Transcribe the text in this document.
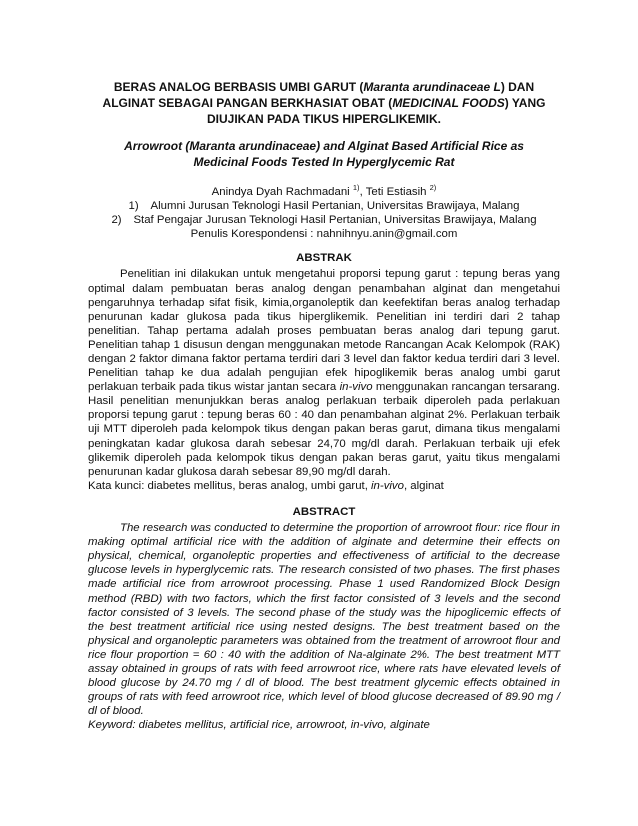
BERAS ANALOG BERBASIS UMBI GARUT (Maranta arundinaceae L) DAN ALGINAT SEBAGAI PANGAN BERKHASIAT OBAT (MEDICINAL FOODS) YANG DIUJIKAN PADA TIKUS HIPERGLIKEMIK.
Arrowroot (Maranta arundinaceae) and Alginat Based Artificial Rice as Medicinal Foods Tested In Hyperglycemic Rat
Anindya Dyah Rachmadani $^{1)}$, Teti Estiasih $^{2)}$
1)	Alumni Jurusan Teknologi Hasil Pertanian, Universitas Brawijaya, Malang
2)	Staf Pengajar Jurusan Teknologi Hasil Pertanian, Universitas Brawijaya, Malang
Penulis Korespondensi : nahnihnyu.anin@gmail.com
ABSTRAK

Penelitian ini dilakukan untuk mengetahui proporsi tepung garut : tepung beras yang optimal dalam pembuatan beras analog dengan penambahan alginat dan mengetahui pengaruhnya terhadap sifat fisik, kimia,organoleptik dan keefektifan beras analog terhadap penurunan kadar glukosa pada tikus hiperglikemik. Penelitian ini terdiri dari 2 tahap penelitian. Tahap pertama adalah proses pembuatan beras analog dari tepung garut. Penelitian tahap 1 disusun dengan menggunakan metode Rancangan Acak Kelompok (RAK) dengan 2 faktor dimana faktor pertama terdiri dari 3 level dan faktor kedua terdiri dari 3 level. Penelitian tahap ke dua adalah pengujian efek hipoglikemik beras analog umbi garut perlakuan terbaik pada tikus wistar jantan secara in-vivo menggunakan rancangan tersarang. Hasil penelitian menunjukkan beras analog perlakuan terbaik diperoleh pada perlakuan proporsi tepung garut : tepung beras 60 : 40 dan penambahan alginat 2%. Perlakuan terbaik uji MTT diperoleh pada kelompok tikus dengan pakan beras garut, dimana tikus mengalami peningkatan kadar glukosa darah sebesar 24,70 mg/dl darah. Perlakuan terbaik uji efek glikemik diperoleh pada kelompok tikus dengan pakan beras garut, yaitu tikus mengalami penurunan kadar glukosa darah sebesar 89,90 mg/dl darah.

Kata kunci: diabetes mellitus, beras analog, umbi garut, in-vivo, alginat

ABSTRACT

The research was conducted to determine the proportion of arrowroot flour: rice flour in making optimal artificial rice with the addition of alginate and determine their effects on physical, chemical, organoleptic properties and effectiveness of artificial to the decrease glucose levels in hyperglycemic rats. The research consisted of two phases. The first phases made artificial rice from arrowroot processing. Phase 1 used Randomized Block Design method (RBD) with two factors, which the first factor consisted of 3 levels and the second factor consisted of 3 levels. The second phase of the study was the hipoglicemic effects of the best treatment artificial rice using nested designs. The best treatment based on the physical and organoleptic parameters was obtained from the treatment of arrowroot flour and rice flour proportion = 60 : 40 with the addition of Na-alginate 2%. The best treatment MTT assay obtained in groups of rats with feed arrowroot rice, where rats have elevated levels of blood glucose by 24.70 mg / dl of blood. The best treatment glycemic effects obtained in groups of rats with feed arrowroot rice, which level of blood glucose decreased of 89.90 mg / dl of blood.

Keyword: diabetes mellitus, artificial rice, arrowroot, in-vivo, alginate
